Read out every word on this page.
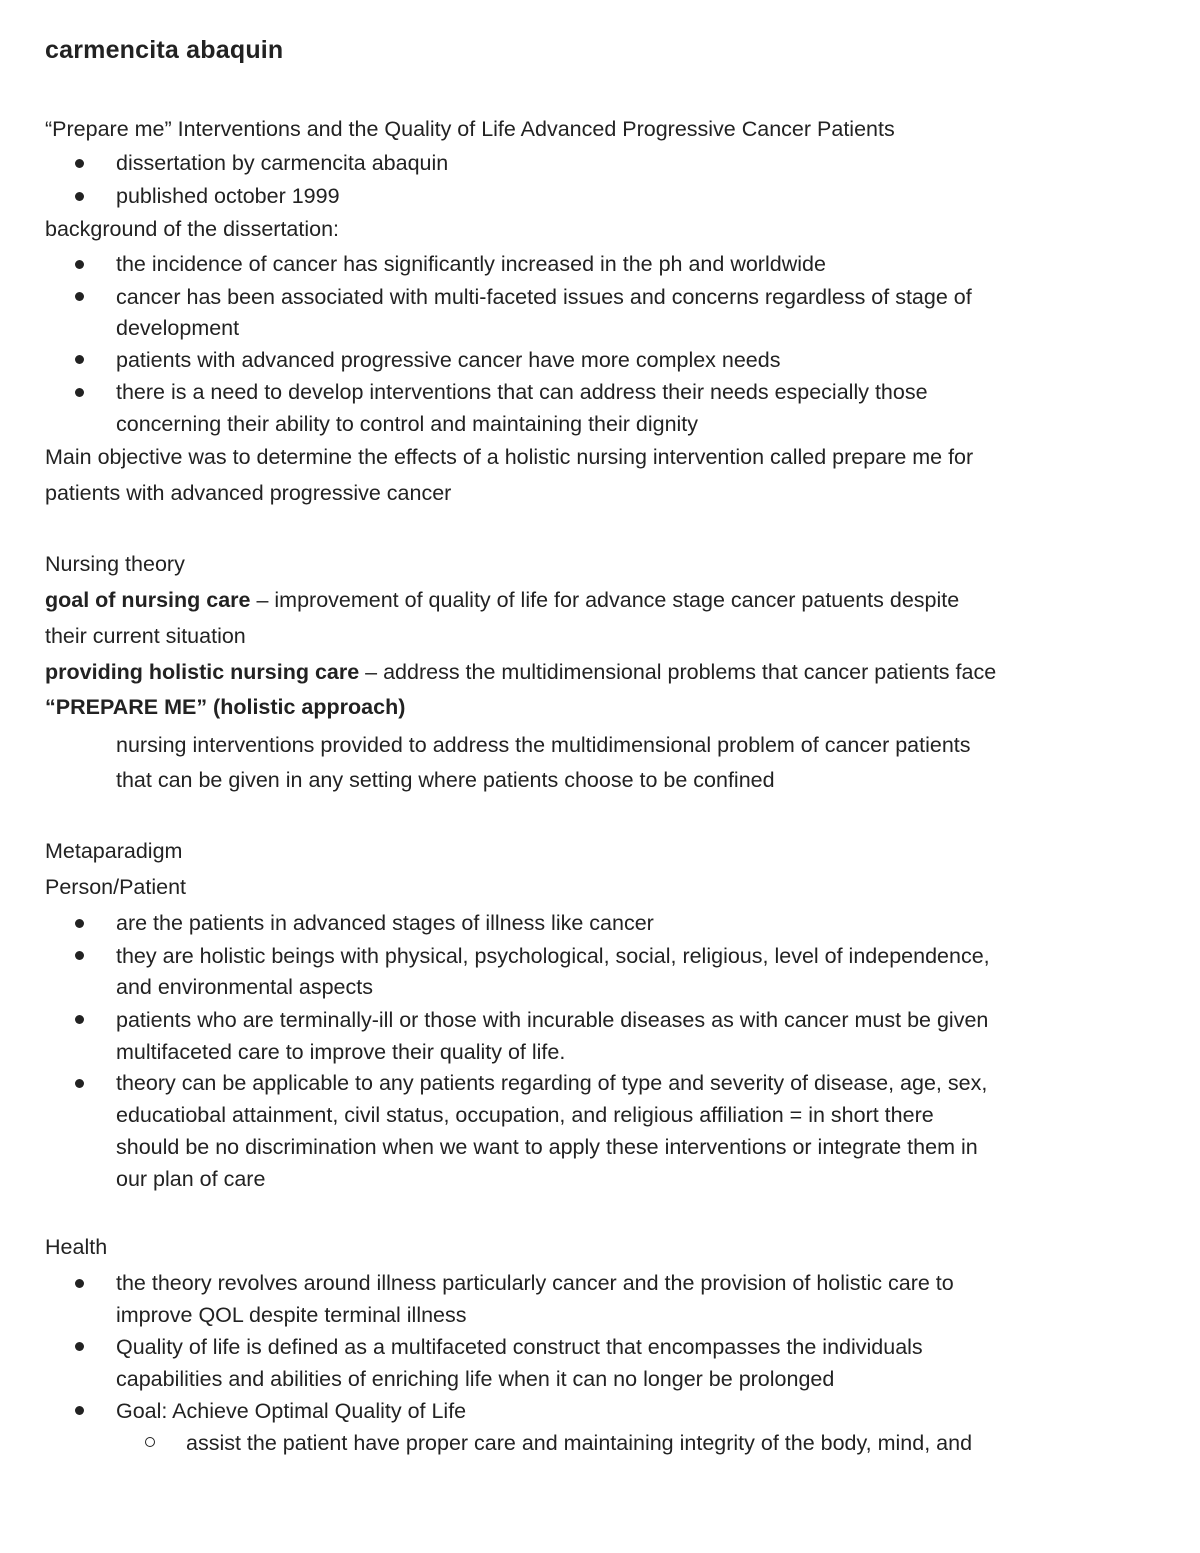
carmencita abaquin
“Prepare me” Interventions and the Quality of Life Advanced Progressive Cancer Patients
dissertation by carmencita abaquin
published october 1999
background of the dissertation:
the incidence of cancer has significantly increased in the ph and worldwide
cancer has been associated with multi-faceted issues and concerns regardless of stage of
development
patients with advanced progressive cancer have more complex needs
there is a need to develop interventions that can address their needs especially those
concerning their ability to control and maintaining their dignity
Main objective was to determine the effects of a holistic nursing intervention called prepare me for
patients with advanced progressive cancer
Nursing theory
goal of nursing care – improvement of quality of life for advance stage cancer patuents despite
their current situation
providing holistic nursing care – address the multidimensional problems that cancer patients face
“PREPARE ME” (holistic approach)
nursing interventions provided to address the multidimensional problem of cancer patients
that can be given in any setting where patients choose to be confined
Metaparadigm
Person/Patient
are the patients in advanced stages of illness like cancer
they are holistic beings with physical, psychological, social, religious, level of independence,
and environmental aspects
patients who are terminally-ill or those with incurable diseases as with cancer must be given
multifaceted care to improve their quality of life.
theory can be applicable to any patients regarding of type and severity of disease, age, sex,
educatiobal attainment, civil status, occupation, and religious affiliation = in short there
should be no discrimination when we want to apply these interventions or integrate them in
our plan of care
Health
the theory revolves around illness particularly cancer and the provision of holistic care to
improve QOL despite terminal illness
Quality of life is defined as a multifaceted construct that encompasses the individuals
capabilities and abilities of enriching life when it can no longer be prolonged
Goal: Achieve Optimal Quality of Life
assist the patient have proper care and maintaining integrity of the body, mind, and
